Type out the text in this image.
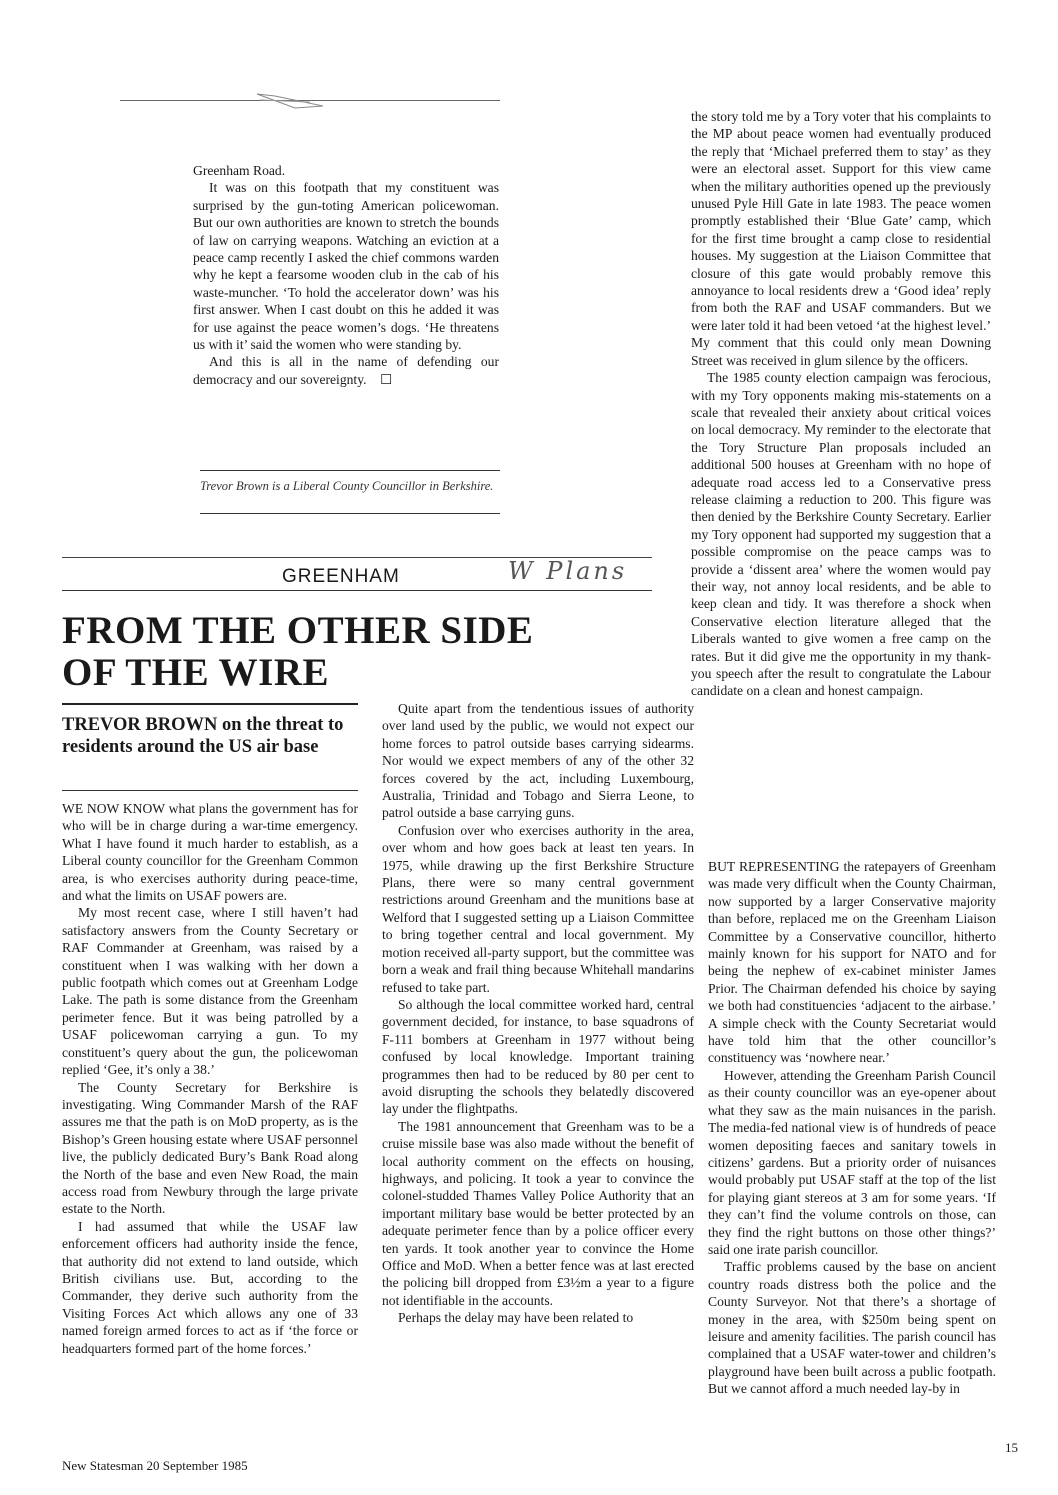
Greenham Road.

It was on this footpath that my constituent was surprised by the gun-toting American policewoman. But our own authorities are known to stretch the bounds of law on carrying weapons. Watching an eviction at a peace camp recently I asked the chief commons warden why he kept a fearsome wooden club in the cab of his waste-muncher. ‘To hold the accelerator down’ was his first answer. When I cast doubt on this he added it was for use against the peace women’s dogs. ‘He threatens us with it’ said the women who were standing by.

And this is all in the name of defending our democracy and our sovereignty. ☐

Trevor Brown is a Liberal County Councillor in Berkshire.
GREENHAM	W Plans
FROM THE OTHER SIDE
OF THE WIRE
TREVOR BROWN on the threat to residents around the US air base

WE NOW KNOW what plans the government has for who will be in charge during a war-time emergency. What I have found it much harder to establish, as a Liberal county councillor for the Greenham Common area, is who exercises authority during peace-time, and what the limits on USAF powers are.

My most recent case, where I still haven’t had satisfactory answers from the County Secretary or RAF Commander at Greenham, was raised by a constituent when I was walking with her down a public footpath which comes out at Greenham Lodge Lake. The path is some distance from the Greenham perimeter fence. But it was being patrolled by a USAF policewoman carrying a gun. To my constituent’s query about the gun, the policewoman replied ‘Gee, it’s only a 38.’

The County Secretary for Berkshire is investigating. Wing Commander Marsh of the RAF assures me that the path is on MoD property, as is the Bishop’s Green housing estate where USAF personnel live, the publicly dedicated Bury’s Bank Road along the North of the base and even New Road, the main access road from Newbury through the large private estate to the North.

I had assumed that while the USAF law enforcement officers had authority inside the fence, that authority did not extend to land outside, which British civilians use. But, according to the Commander, they derive such authority from the Visiting Forces Act which allows any one of 33 named foreign armed forces to act as if ‘the force or headquarters formed part of the home forces.’

Quite apart from the tendentious issues of authority over land used by the public, we would not expect our home forces to patrol outside bases carrying sidearms. Nor would we expect members of any of the other 32 forces covered by the act, including Luxembourg, Australia, Trinidad and Tobago and Sierra Leone, to patrol outside a base carrying guns.

Confusion over who exercises authority in the area, over whom and how goes back at least ten years. In 1975, while drawing up the first Berkshire Structure Plans, there were so many central government restrictions around Greenham and the munitions base at Welford that I suggested setting up a Liaison Committee to bring together central and local government. My motion received all-party support, but the committee was born a weak and frail thing because Whitehall mandarins refused to take part.

So although the local committee worked hard, central government decided, for instance, to base squadrons of F-111 bombers at Greenham in 1977 without being confused by local knowledge. Important training programmes then had to be reduced by 80 per cent to avoid disrupting the schools they belatedly discovered lay under the flightpaths.

The 1981 announcement that Greenham was to be a cruise missile base was also made without the benefit of local authority comment on the effects on housing, highways, and policing. It took a year to convince the colonel-studded Thames Valley Police Authority that an important military base would be better protected by an adequate perimeter fence than by a police officer every ten yards. It took another year to convince the Home Office and MoD. When a better fence was at last erected the policing bill dropped from £3½m a year to a figure not identifiable in the accounts.

Perhaps the delay may have been related to

the story told me by a Tory voter that his complaints to the MP about peace women had eventually produced the reply that ‘Michael preferred them to stay’ as they were an electoral asset. Support for this view came when the military authorities opened up the previously unused Pyle Hill Gate in late 1983. The peace women promptly established their ‘Blue Gate’ camp, which for the first time brought a camp close to residential houses. My suggestion at the Liaison Committee that closure of this gate would probably remove this annoyance to local residents drew a ‘Good idea’ reply from both the RAF and USAF commanders. But we were later told it had been vetoed ‘at the highest level.’ My comment that this could only mean Downing Street was received in glum silence by the officers.

The 1985 county election campaign was ferocious, with my Tory opponents making mis-statements on a scale that revealed their anxiety about critical voices on local democracy. My reminder to the electorate that the Tory Structure Plan proposals included an additional 500 houses at Greenham with no hope of adequate road access led to a Conservative press release claiming a reduction to 200. This figure was then denied by the Berkshire County Secretary. Earlier my Tory opponent had supported my suggestion that a possible compromise on the peace camps was to provide a ‘dissent area’ where the women would pay their way, not annoy local residents, and be able to keep clean and tidy. It was therefore a shock when Conservative election literature alleged that the Liberals wanted to give women a free camp on the rates. But it did give me the opportunity in my thank-you speech after the result to congratulate the Labour candidate on a clean and honest campaign.

BUT REPRESENTING the ratepayers of Greenham was made very difficult when the County Chairman, now supported by a larger Conservative majority than before, replaced me on the Greenham Liaison Committee by a Conservative councillor, hitherto mainly known for his support for NATO and for being the nephew of ex-cabinet minister James Prior. The Chairman defended his choice by saying we both had constituencies ‘adjacent to the airbase.’ A simple check with the County Secretariat would have told him that the other councillor’s constituency was ‘nowhere near.’

However, attending the Greenham Parish Council as their county councillor was an eye-opener about what they saw as the main nuisances in the parish. The media-fed national view is of hundreds of peace women depositing faeces and sanitary towels in citizens’ gardens. But a priority order of nuisances would probably put USAF staff at the top of the list for playing giant stereos at 3 am for some years. ‘If they can’t find the volume controls on those, can they find the right buttons on those other things?’ said one irate parish councillor.

Traffic problems caused by the base on ancient country roads distress both the police and the County Surveyor. Not that there’s a shortage of money in the area, with $250m being spent on leisure and amenity facilities. The parish council has complained that a USAF water-tower and children’s playground have been built across a public footpath. But we cannot afford a much needed lay-by in

15
New Statesman 20 September 1985
